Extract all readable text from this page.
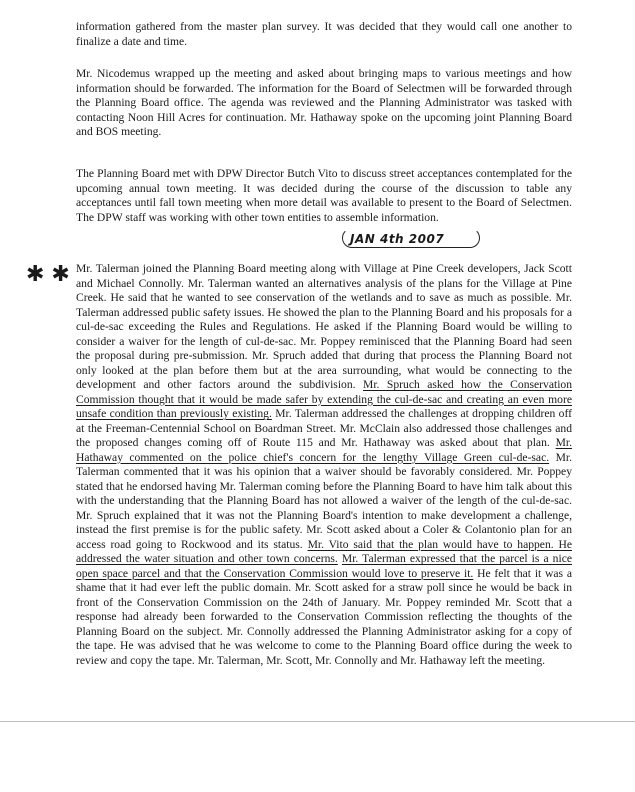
information gathered from the master plan survey. It was decided that they would call one another to finalize a date and time.

Mr. Nicodemus wrapped up the meeting and asked about bringing maps to various meetings and how information should be forwarded. The information for the Board of Selectmen will be forwarded through the Planning Board office. The agenda was reviewed and the Planning Administrator was tasked with contacting Noon Hill Acres for continuation. Mr. Hathaway spoke on the upcoming joint Planning Board and BOS meeting.

The Planning Board met with DPW Director Butch Vito to discuss street acceptances contemplated for the upcoming annual town meeting. It was decided during the course of the discussion to table any acceptances until fall town meeting when more detail was available to present to the Board of Selectmen. The DPW staff was working with other town entities to assemble information.

JAN 4th 2007
✱ ✱ Mr. Talerman joined the Planning Board meeting along with Village at Pine Creek developers, Jack Scott and Michael Connolly. Mr. Talerman wanted an alternatives analysis of the plans for the Village at Pine Creek. He said that he wanted to see conservation of the wetlands and to save as much as possible. Mr. Talerman addressed public safety issues. He showed the plan to the Planning Board and his proposals for a cul-de-sac exceeding the Rules and Regulations. He asked if the Planning Board would be willing to consider a waiver for the length of cul-de-sac. Mr. Poppey reminisced that the Planning Board had seen the proposal during pre-submission. Mr. Spruch added that during that process the Planning Board not only looked at the plan before them but at the area surrounding, what would be connecting to the development and other factors around the subdivision. Mr. Spruch asked how the Conservation Commission thought that it would be made safer by extending the cul-de-sac and creating an even more unsafe condition than previously existing. Mr. Talerman addressed the challenges at dropping children off at the Freeman-Centennial School on Boardman Street. Mr. McClain also addressed those challenges and the proposed changes coming off of Route 115 and Mr. Hathaway was asked about that plan. Mr. Hathaway commented on the police chief's concern for the lengthy Village Green cul-de-sac. Mr. Talerman commented that it was his opinion that a waiver should be favorably considered. Mr. Poppey stated that he endorsed having Mr. Talerman coming before the Planning Board to have him talk about this with the understanding that the Planning Board has not allowed a waiver of the length of the cul-de-sac. Mr. Spruch explained that it was not the Planning Board's intention to make development a challenge, instead the first premise is for the public safety. Mr. Scott asked about a Coler & Colantonio plan for an access road going to Rockwood and its status. Mr. Vito said that the plan would have to happen. He addressed the water situation and other town concerns. Mr. Talerman expressed that the parcel is a nice open space parcel and that the Conservation Commission would love to preserve it. He felt that it was a shame that it had ever left the public domain. Mr. Scott asked for a straw poll since he would be back in front of the Conservation Commission on the 24th of January. Mr. Poppey reminded Mr. Scott that a response had already been forwarded to the Conservation Commission reflecting the thoughts of the Planning Board on the subject. Mr. Connolly addressed the Planning Administrator asking for a copy of the tape. He was advised that he was welcome to come to the Planning Board office during the week to review and copy the tape. Mr. Talerman, Mr. Scott, Mr. Connolly and Mr. Hathaway left the meeting.
